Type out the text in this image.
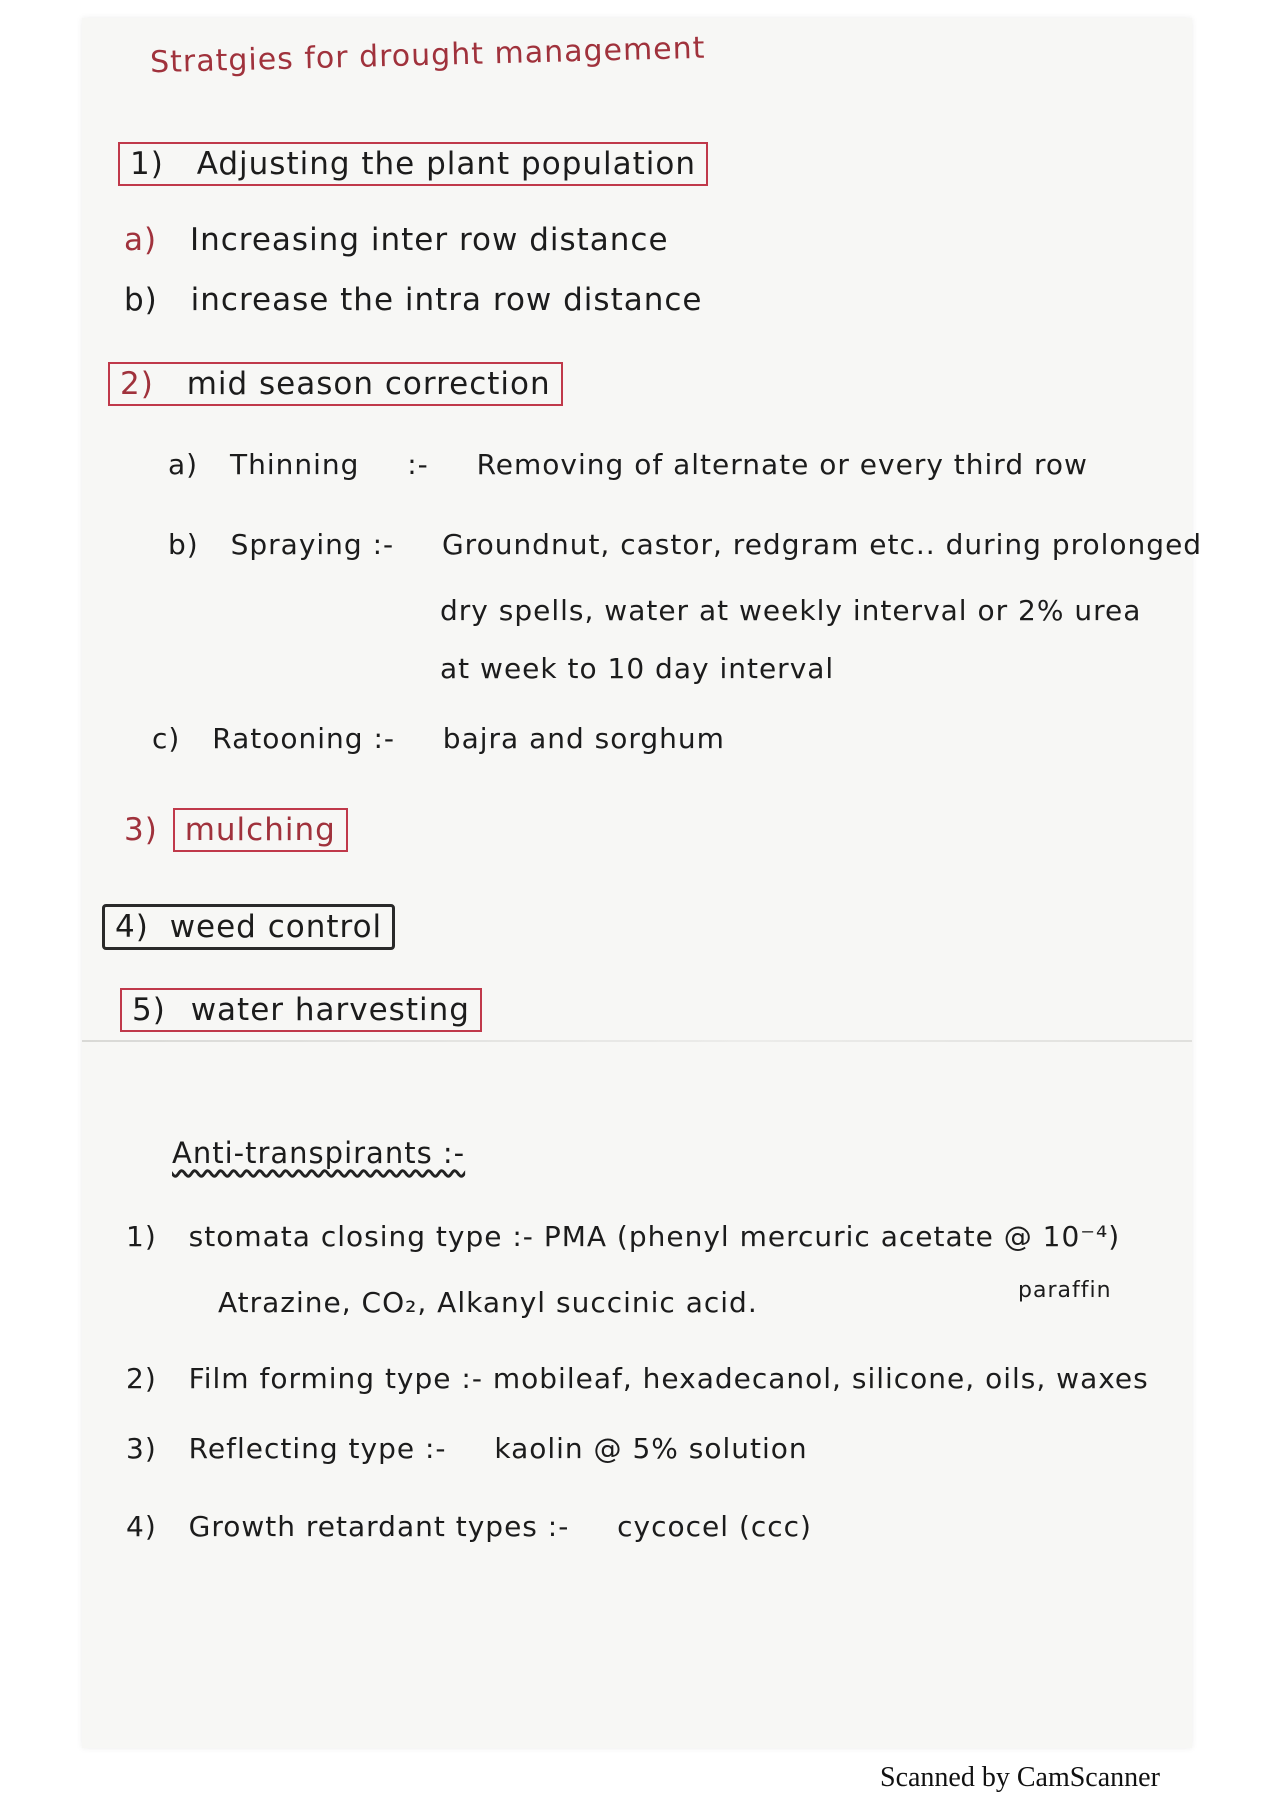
Stratgies for drought management
1) Adjusting the plant population
a) Increasing inter row distance
b) increase the intra row distance
2) mid season correction
a) Thinning :- Removing of alternate or every third row
b) Spraying :- Groundnut, castor, redgram etc.. during prolonged
dry spells, water at weekly interval or 2% urea
at week to 10 day interval
c) Ratooning :- bajra and sorghum
3) mulching
4) weed control
5) water harvesting
Anti-transpirants :-
1) stomata closing type :- PMA (phenyl mercuric acetate @ 10⁻⁴)
Atrazine, CO₂, Alkanyl succinic acid.	paraffin
2) Film forming type :- mobileaf, hexadecanol, silicone, oils, waxes
3) Reflecting type :- kaolin @ 5% solution
4) Growth retardant types :- cycocel (ccc)
Scanned by CamScanner
